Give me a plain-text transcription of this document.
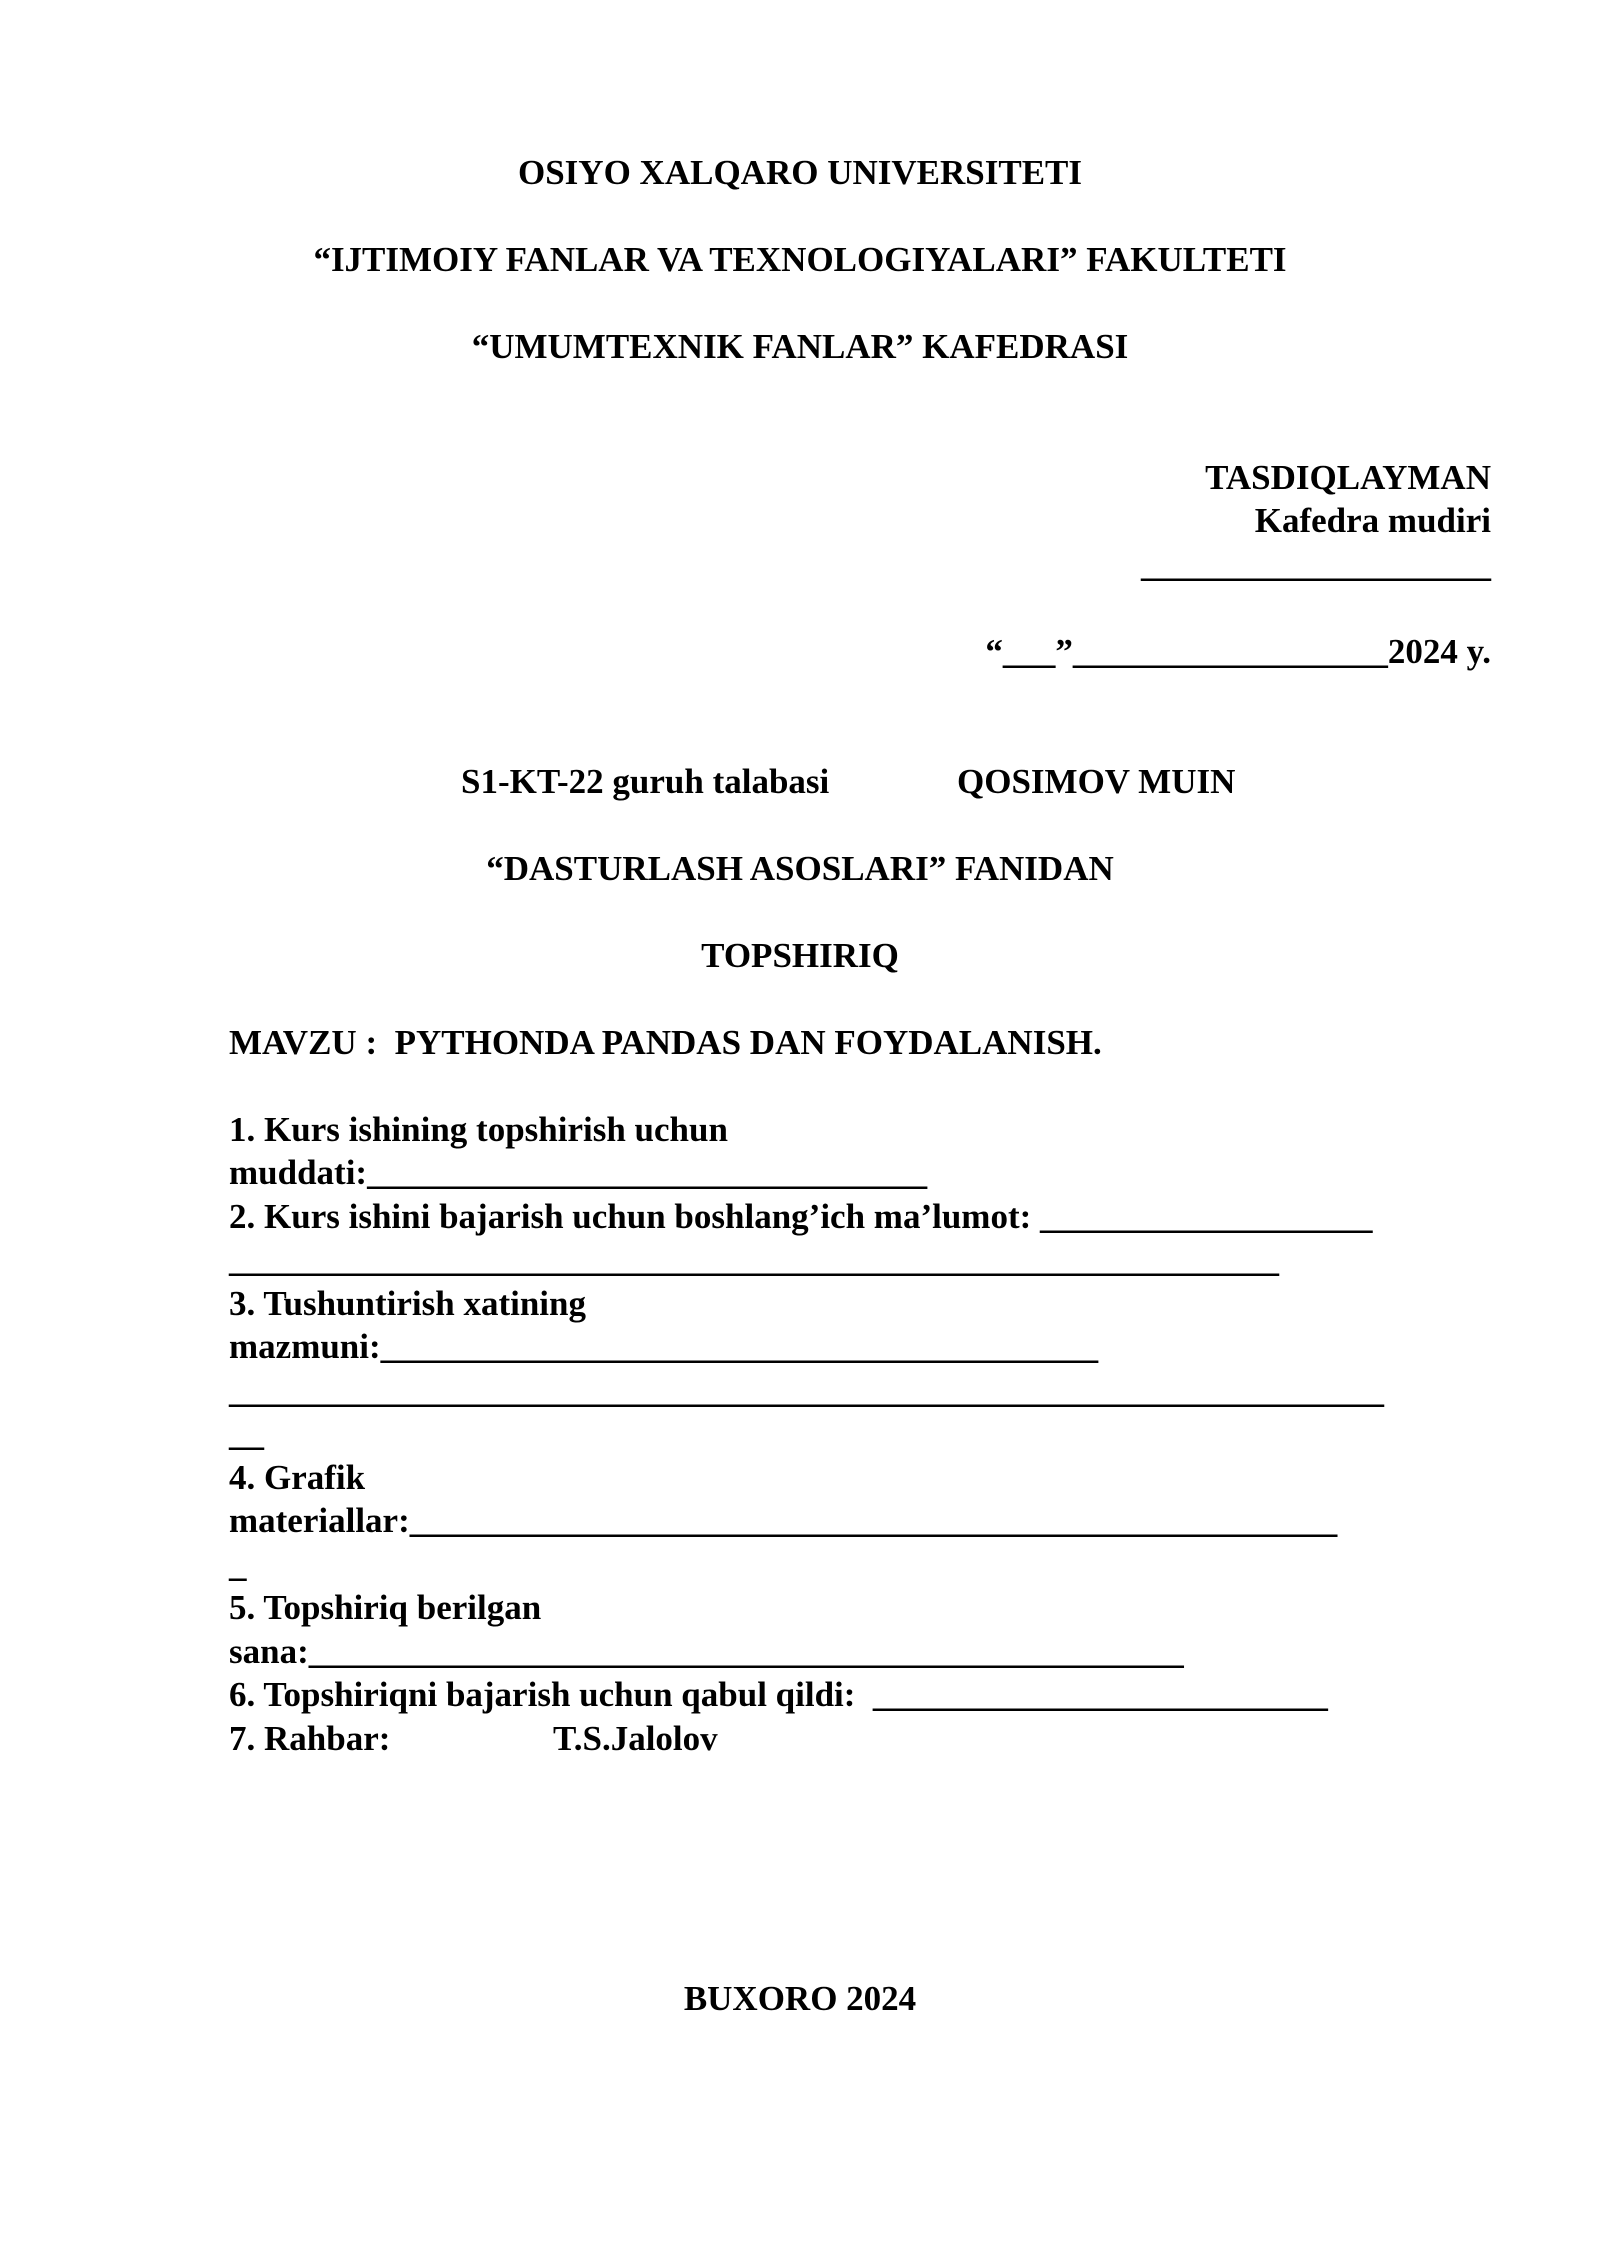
OSIYO XALQARO UNIVERSITETI
“IJTIMOIY FANLAR VA TEXNOLOGIYALARI” FAKULTETI
“UMUMTEXNIK FANLAR” KAFEDRASI
TASDIQLAYMAN
Kafedra mudiri
____________________
“___”__________________2024 y.
S1-KT-22 guruh talabasi	QOSIMOV MUIN
“DASTURLASH ASOSLARI” FANIDAN
TOPSHIRIQ
MAVZU :  PYTHONDA PANDAS DAN FOYDALANISH.
1. Kurs ishining topshirish uchun
muddati:________________________________
2. Kurs ishini bajarish uchun boshlang’ich ma’lumot: ___________________
____________________________________________________________
3. Tushuntirish xatining
mazmuni:_________________________________________
__________________________________________________________________
__
4. Grafik
materiallar:_____________________________________________________
_
5. Topshiriq berilgan
sana:__________________________________________________
6. Topshiriqni bajarish uchun qabul qildi:  __________________________
7. Rahbar:	T.S.Jalolov
BUXORO 2024
